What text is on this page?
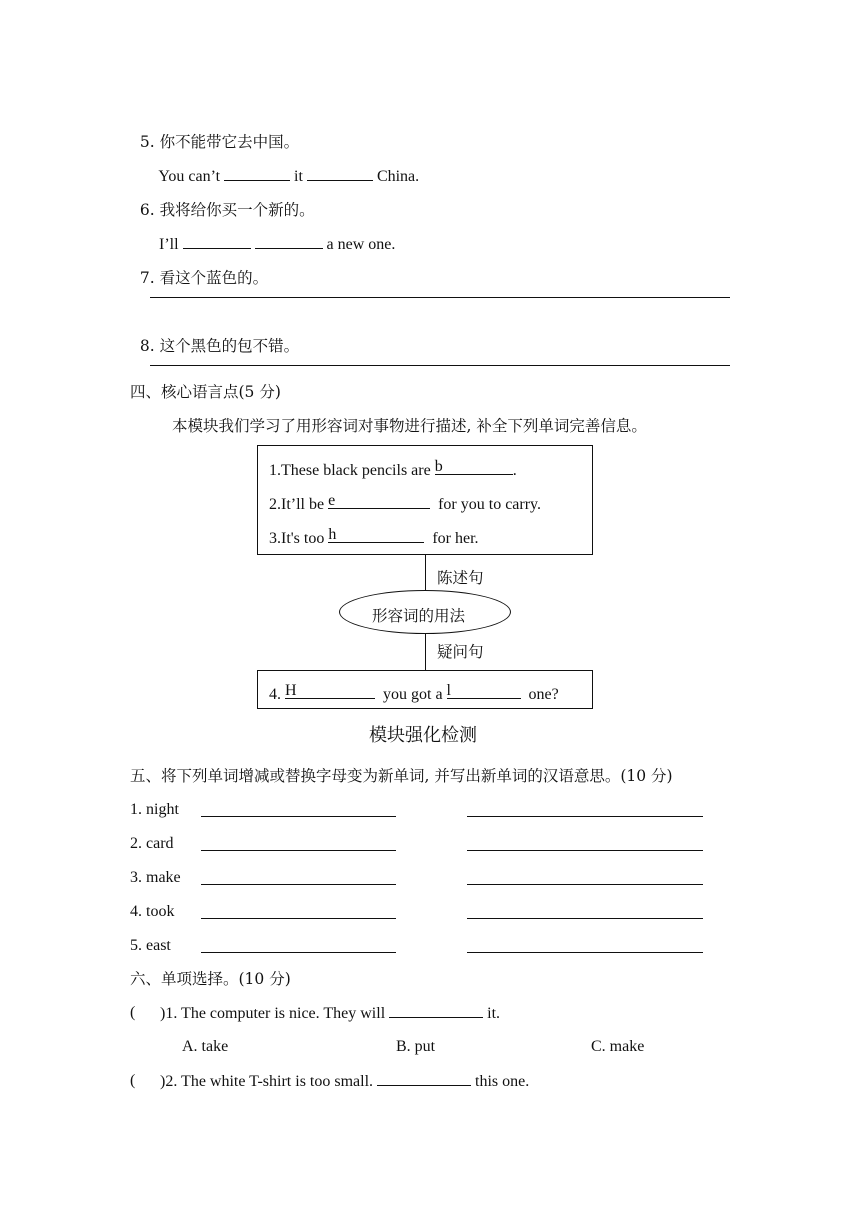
5. 你不能带它去中国。

You can’t	it	China.

6. 我将给你买一个新的。

I’ll	a new one.

7. 看这个蓝色的。

8. 这个黑色的包不错。

四、核心语言点(5 分)
本模块我们学习了用形容词对事物进行描述, 补全下列单词完善信息。
1.These black pencils are b	.
2.It’ll be e	for you to carry.
3.It's too h	for her.
陈述句
形容词的用法
疑问句
4. H	you got a l	one?
模块强化检测
五、将下列单词增减或替换字母变为新单词, 并写出新单词的汉语意思。(10 分)
1. night
2. card
3. make
4. took
5. east
六、单项选择。(10 分)
( )1. The computer is nice. They will	it.
A. take	B. put	C. make
( )2. The white T-shirt is too small.	this one.
